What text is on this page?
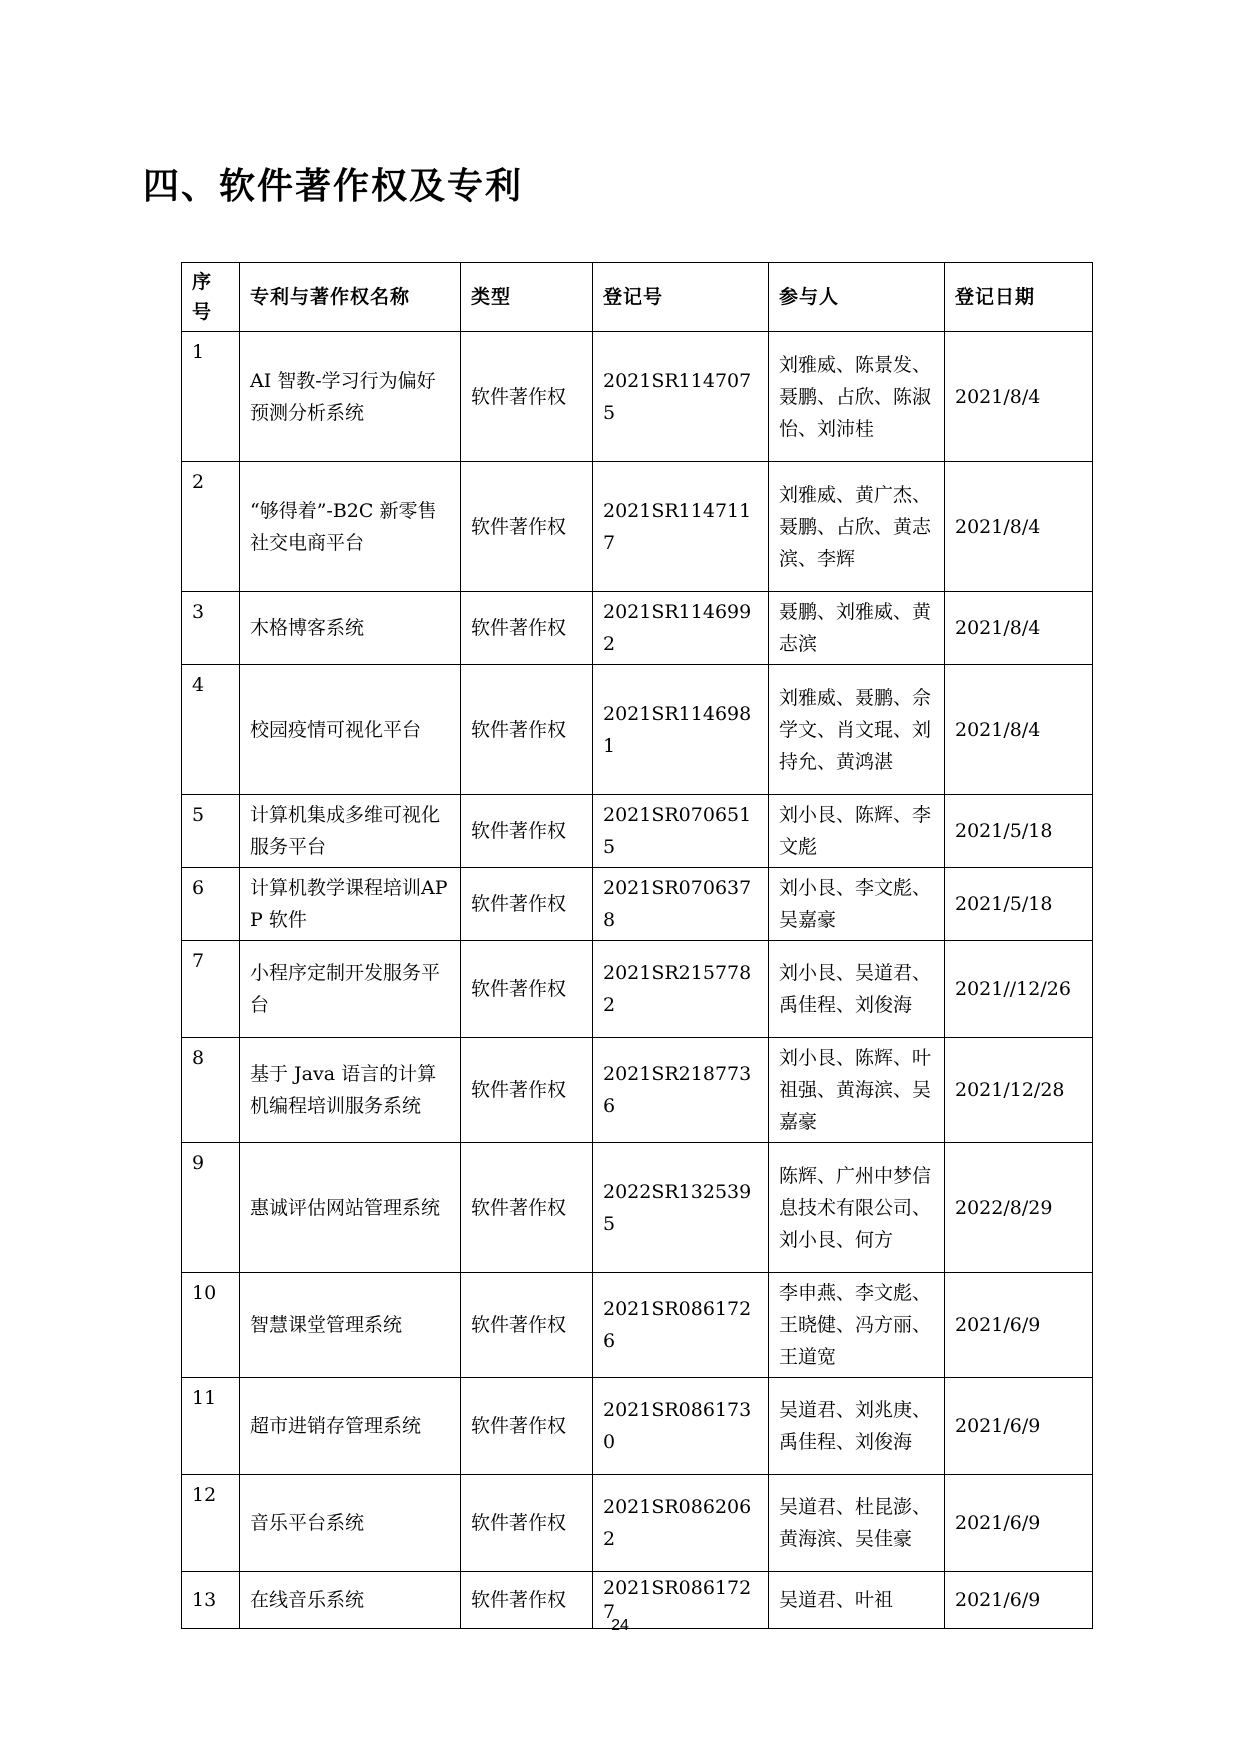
四、软件著作权及专利
序号	专利与著作权名称	类型	登记号	参与人	登记日期
1	AI 智教-学习行为偏好预测分析系统	软件著作权	2021SR1147075	刘雅威、陈景发、聂鹏、占欣、陈淑怡、刘沛桂	2021/8/4
2	“够得着”-B2C 新零售社交电商平台	软件著作权	2021SR1147117	刘雅威、黄广杰、聂鹏、占欣、黄志滨、李辉	2021/8/4
3	木格博客系统	软件著作权	2021SR1146992	聂鹏、刘雅威、黄志滨	2021/8/4
4	校园疫情可视化平台	软件著作权	2021SR1146981	刘雅威、聂鹏、佘学文、肖文琨、刘持允、黄鸿湛	2021/8/4
5	计算机集成多维可视化服务平台	软件著作权	2021SR0706515	刘小艮、陈辉、李文彪	2021/5/18
6	计算机教学课程培训APP 软件	软件著作权	2021SR0706378	刘小艮、李文彪、吴嘉豪	2021/5/18
7	小程序定制开发服务平台	软件著作权	2021SR2157782	刘小艮、吴道君、禹佳程、刘俊海	2021//12/26
8	基于 Java 语言的计算机编程培训服务系统	软件著作权	2021SR2187736	刘小艮、陈辉、叶祖强、黄海滨、吴嘉豪	2021/12/28
9	惠诚评估网站管理系统	软件著作权	2022SR1325395	陈辉、广州中梦信息技术有限公司、刘小艮、何方	2022/8/29
10	智慧课堂管理系统	软件著作权	2021SR0861726	李申燕、李文彪、王晓健、冯方丽、王道宽	2021/6/9
11	超市进销存管理系统	软件著作权	2021SR0861730	吴道君、刘兆庚、禹佳程、刘俊海	2021/6/9
12	音乐平台系统	软件著作权	2021SR0862062	吴道君、杜昆澎、黄海滨、吴佳豪	2021/6/9
13	在线音乐系统	软件著作权	2021SR0861727	吴道君、叶祖	2021/6/9
24
